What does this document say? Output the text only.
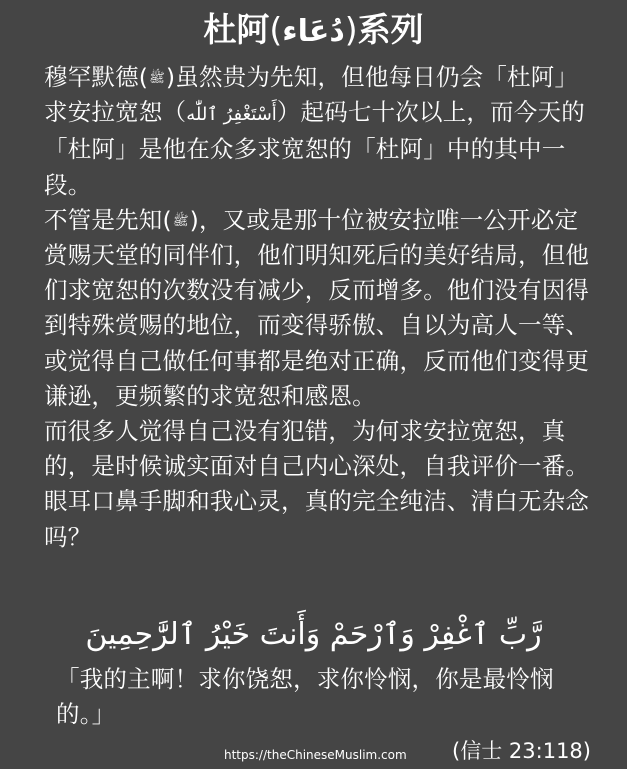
杜阿(دُعَاء)系列

穆罕默德(ﷺ)虽然贵为先知，但他每日仍会「杜阿」求安拉宽恕（أَسْتَغْفِرُ ٱللّٰه）起码七十次以上，而今天的「杜阿」是他在众多求宽恕的「杜阿」中的其中一段。

不管是先知(ﷺ)，又或是那十位被安拉唯一公开必定赏赐天堂的同伴们，他们明知死后的美好结局，但他们求宽恕的次数没有减少，反而增多。他们没有因得到特殊赏赐的地位，而变得骄傲、自以为高人一等、或觉得自己做任何事都是绝对正确，反而他们变得更谦逊，更频繁的求宽恕和感恩。

而很多人觉得自己没有犯错，为何求安拉宽恕，真的，是时候诚实面对自己内心深处，自我评价一番。眼耳口鼻手脚和我心灵，真的完全纯洁、清白无杂念吗？

رَّبِّ ٱغْفِرْ وَٱرْحَمْ وَأَنتَ خَيْرُ ٱلرَّٰحِمِينَ
「我的主啊！求你饶恕，求你怜悯，你是最怜悯的。」
https://theChineseMuslim.com (信士 23:118)
